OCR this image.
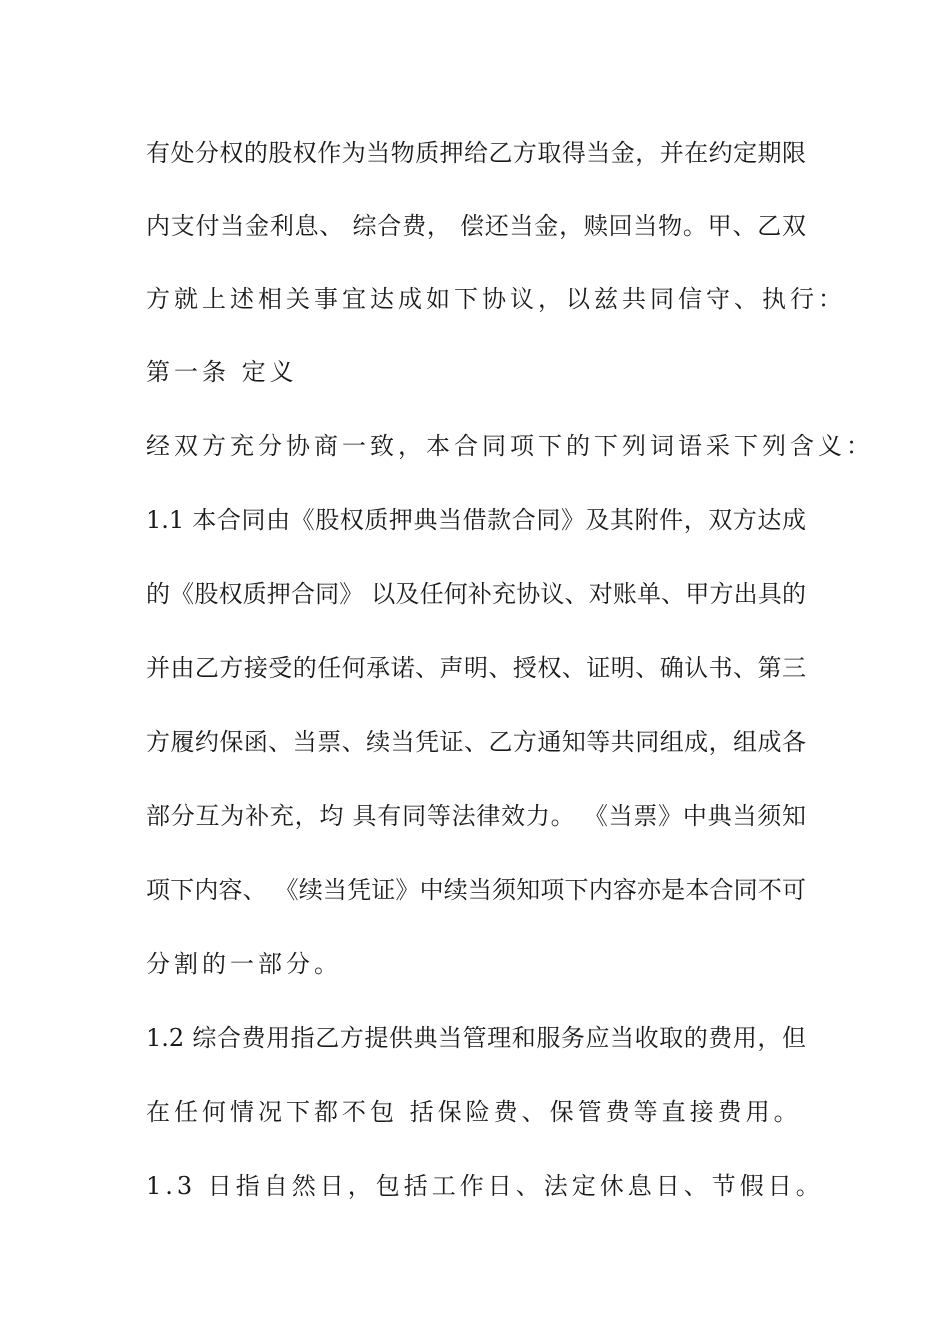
有处分权的股权作为当物质押给乙方取得当金，并在约定期限
内支付当金利息、 综合费， 偿还当金，赎回当物。甲、乙双
方就上述相关事宜达成如下协议，以兹共同信守、执行：
第一条 定义
经双方充分协商一致，本合同项下的下列词语采下列含义：
1.1 本合同由《股权质押典当借款合同》及其附件，双方达成
的《股权质押合同》 以及任何补充协议、对账单、甲方出具的
并由乙方接受的任何承诺、声明、授权、证明、确认书、第三
方履约保函、当票、续当凭证、乙方通知等共同组成，组成各
部分互为补充，均 具有同等法律效力。 《当票》中典当须知
项下内容、 《续当凭证》中续当须知项下内容亦是本合同不可
分割的一部分。
1.2 综合费用指乙方提供典当管理和服务应当收取的费用，但
在任何情况下都不包 括保险费、保管费等直接费用。
1.3 日指自然日，包括工作日、法定休息日、节假日。
